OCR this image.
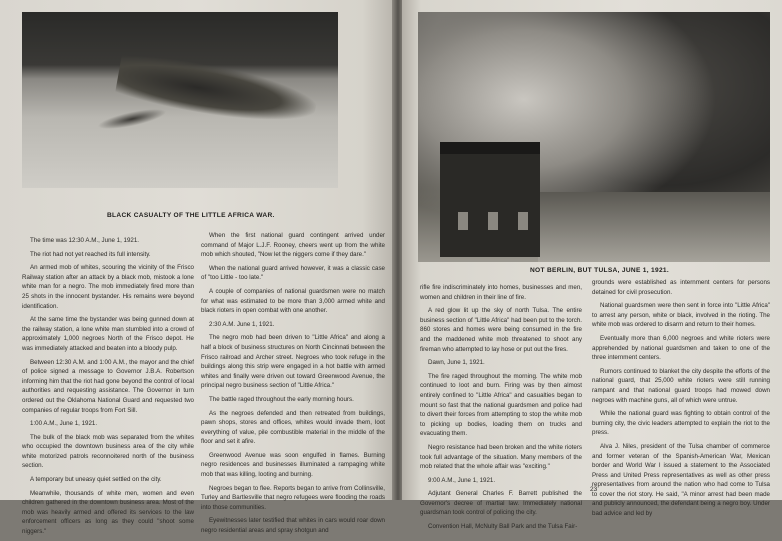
BLACK CASUALTY OF THE LITTLE AFRICA WAR.

The time was 12:30 A.M., June 1, 1921.

The riot had not yet reached its full intensity.

An armed mob of whites, scouring the vicinity of the Frisco Railway station after an attack by a black mob, mistook a lone white man for a negro. The mob immediately fired more than 25 shots in the innocent bystander. His remains were beyond identification.

At the same time the bystander was being gunned down at the railway station, a lone white man stumbled into a crowd of approximately 1,000 negroes North of the Frisco depot. He was immediately attacked and beaten into a bloody pulp.

Between 12:30 A.M. and 1:00 A.M., the mayor and the chief of police signed a message to Governor J.B.A. Robertson informing him that the riot had gone beyond the control of local authorities and requesting assistance. The Governor in turn ordered out the Oklahoma National Guard and requested two companies of regular troops from Fort Sill.

1:00 A.M., June 1, 1921.

The bulk of the black mob was separated from the whites who occupied the downtown business area of the city while white motorized patrols reconnoitered north of the business section.

A temporary but uneasy quiet settled on the city.

Meanwhile, thousands of white men, women and even children gathered in the downtown business area. Most of the mob was heavily armed and offered its services to the law enforcement officers as long as they could "shoot some niggers."

When the first national guard contingent arrived under command of Major L.J.F. Rooney, cheers went up from the white mob which shouted, "Now let the niggers come if they dare."

When the national guard arrived however, it was a classic case of "too Little - too late."

A couple of companies of national guardsmen were no match for what was estimated to be more than 3,000 armed white and black rioters in open combat with one another.

2:30 A.M. June 1, 1921.

The negro mob had been driven to "Little Africa" and along a half a block of business structures on North Cincinnati between the Frisco railroad and Archer street. Negroes who took refuge in the buildings along this strip were engaged in a hot battle with armed whites and finally were driven out toward Greenwood Avenue, the principal negro business section of "Little Africa."

The battle raged throughout the early morning hours.

As the negroes defended and then retreated from buildings, pawn shops, stores and offices, whites would invade them, loot everything of value, pile combustible material in the middle of the floor and set it afire.

Greenwood Avenue was soon engulfed in flames. Burning negro residences and businesses illuminated a rampaging white mob that was killing, looting and burning.

Negroes began to flee. Reports began to arrive from Collinsville, Turley and Bartlesville that negro refugees were flooding the roads into those communities.

Eyewitnesses later testified that whites in cars would roar down negro residential areas and spray shotgun and

NOT BERLIN, BUT TULSA, JUNE 1, 1921.

rifle fire indiscriminately into homes, businesses and men, women and children in their line of fire.

A red glow lit up the sky of north Tulsa. The entire business section of "Little Africa" had been put to the torch. 860 stores and homes were being consumed in the fire and the maddened white mob threatened to shoot any fireman who attempted to lay hose or put out the fires.

Dawn, June 1, 1921.

The fire raged throughout the morning. The white mob continued to loot and burn. Firing was by then almost entirely confined to "Little Africa" and casualties began to mount so fast that the national guardsmen and police had to divert their forces from attempting to stop the white mob to picking up bodies, loading them on trucks and evacuating them.

Negro resistance had been broken and the white rioters took full advantage of the situation. Many members of the mob related that the whole affair was "exciting."

9:00 A.M., June 1, 1921.

Adjutant General Charles F. Barrett published the Governor's decree of martial law. Immediately national guardsman took control of policing the city.

Convention Hall, McNulty Ball Park and the Tulsa Fair-

grounds were established as internment centers for persons detained for civil prosecution.

National guardsmen were then sent in force into "Little Africa" to arrest any person, white or black, involved in the rioting. The white mob was ordered to disarm and return to their homes.

Eventually more than 6,000 negroes and white rioters were apprehended by national guardsmen and taken to one of the three internment centers.

Rumors continued to blanket the city despite the efforts of the national guard, that 25,000 white rioters were still running rampant and that national guard troops had mowed down negroes with machine guns, all of which were untrue.

While the national guard was fighting to obtain control of the burning city, the civic leaders attempted to explain the riot to the press.

Alva J. Niles, president of the Tulsa chamber of commerce and former veteran of the Spanish-American War, Mexican border and World War I issued a statement to the Associated Press and United Press representatives as well as other press representatives from around the nation who had come to Tulsa to cover the riot story. He said, "A minor arrest had been made and publicly announced, the defendant being a negro boy. Under bad advice and led by

23
